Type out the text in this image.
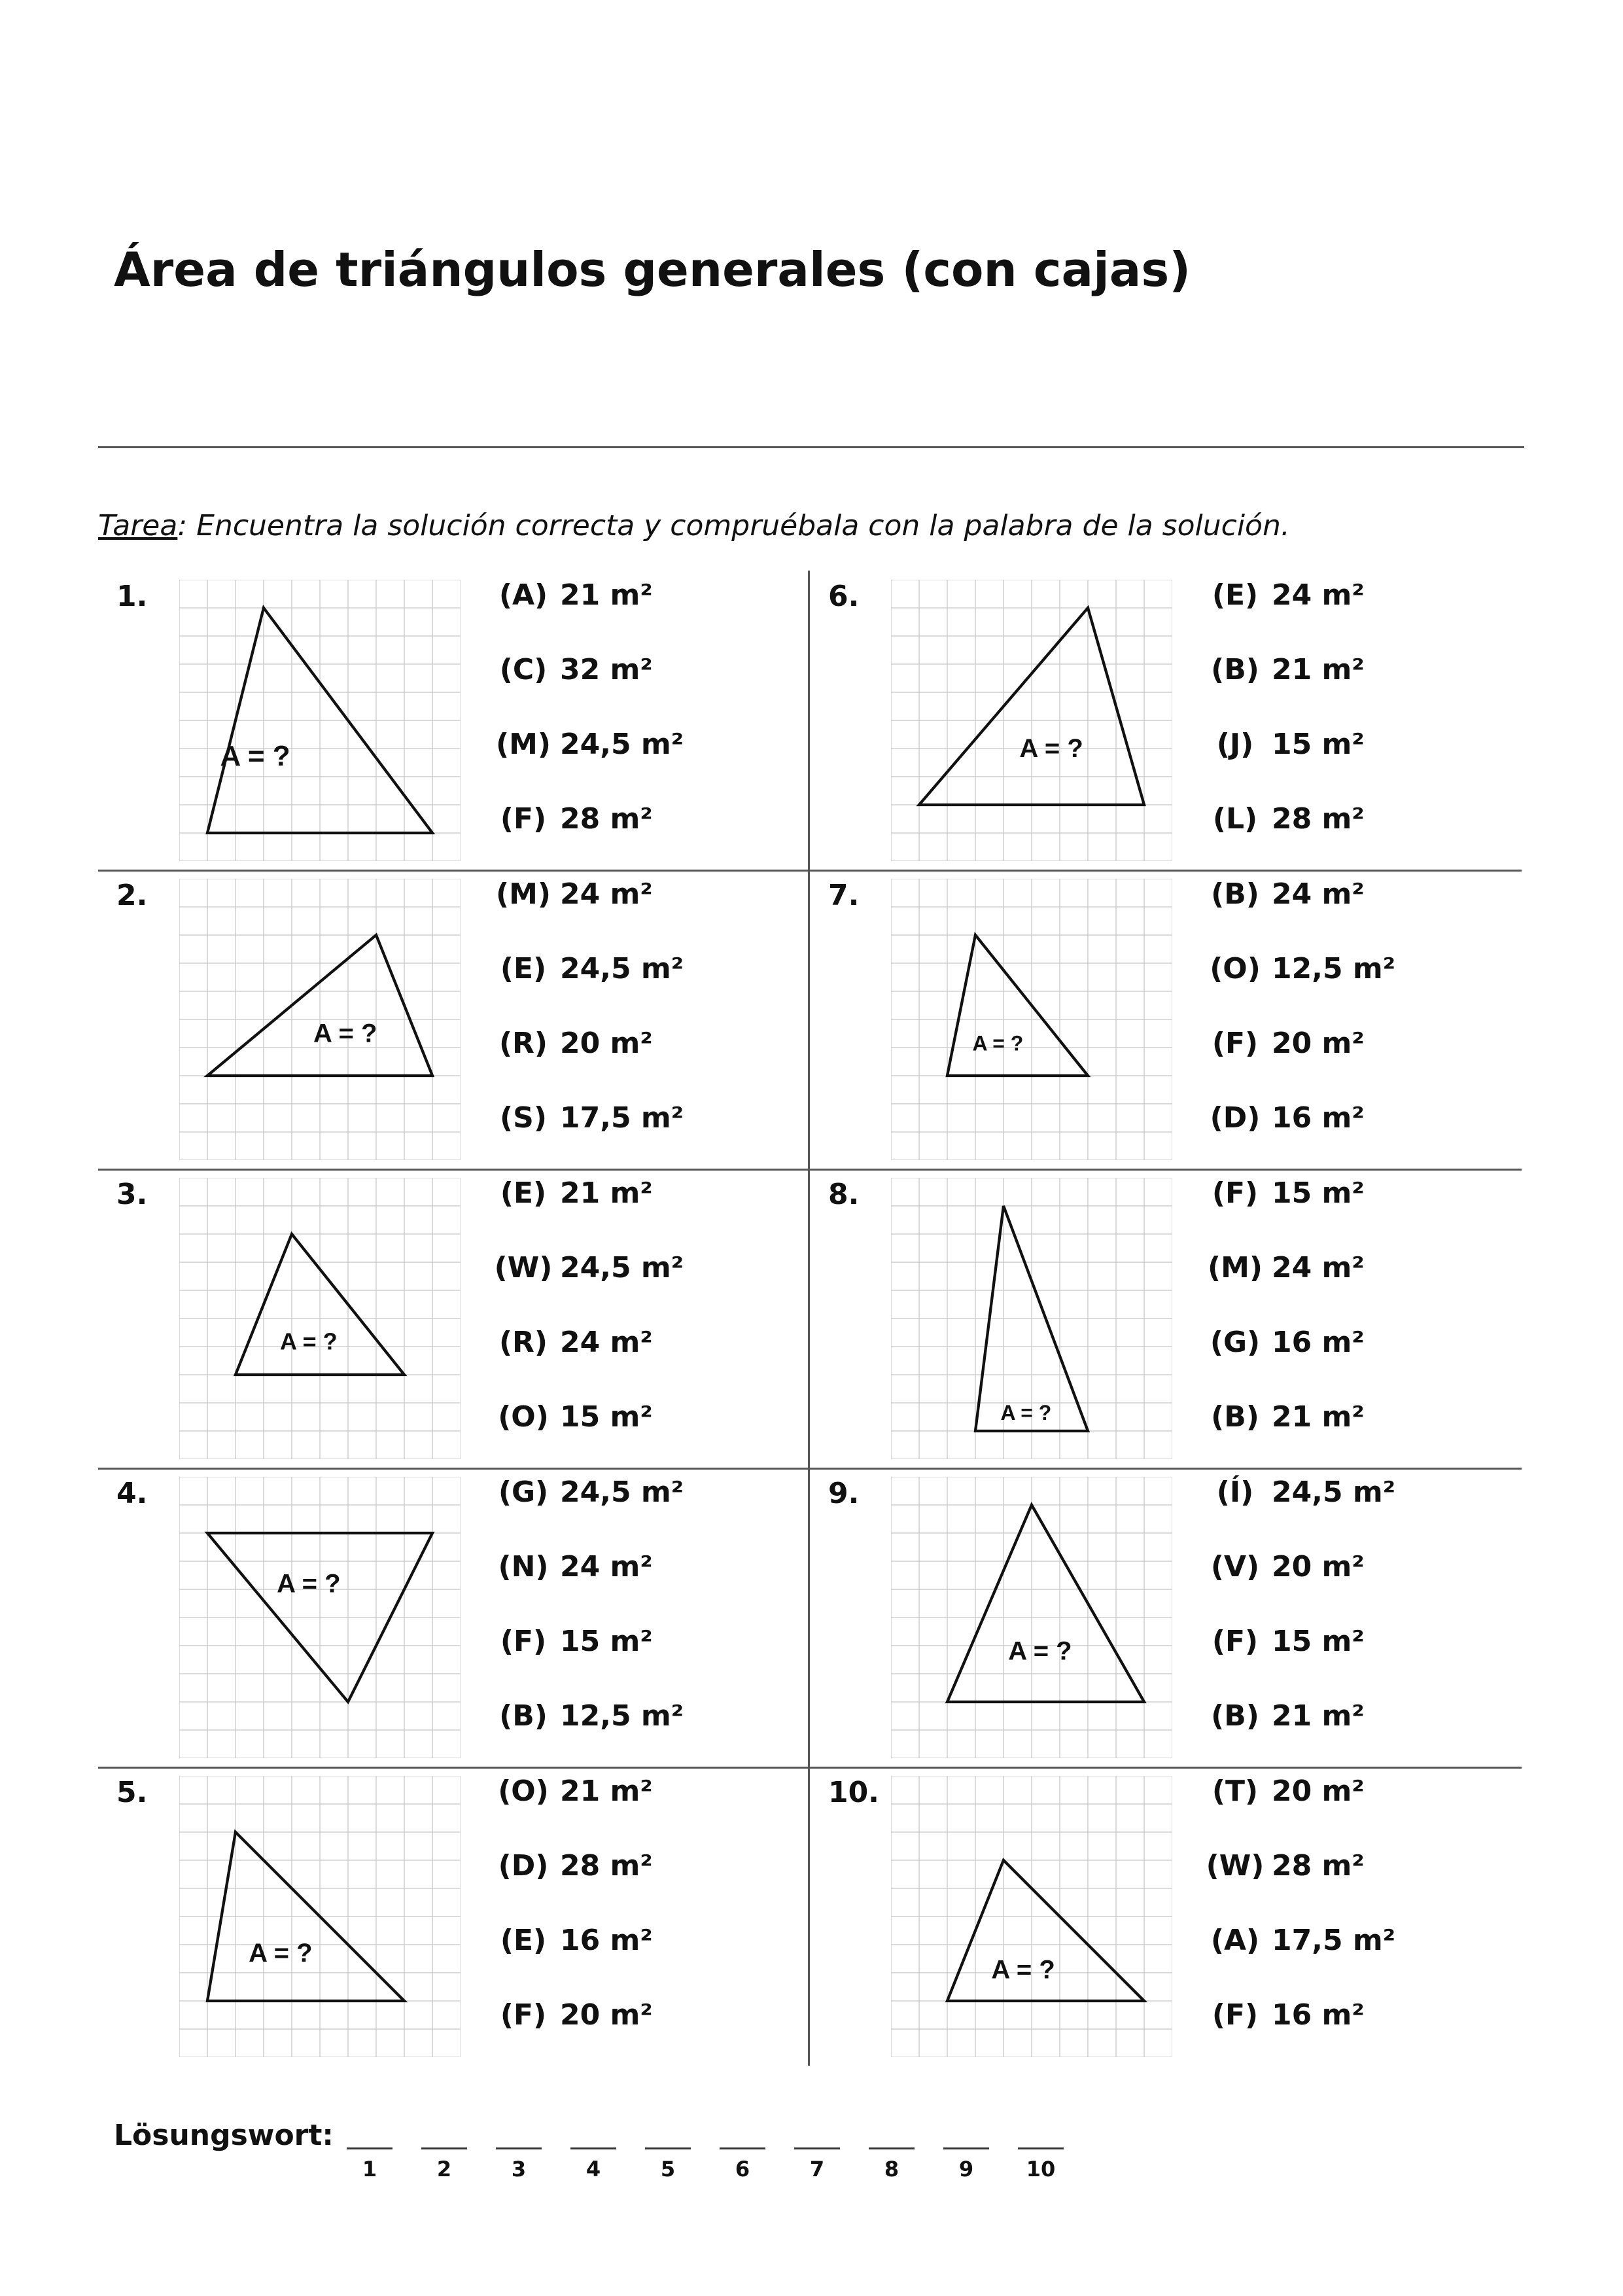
Área de triángulos generales (con cajas)
Tarea: Encuentra la solución correcta y compruébala con la palabra de la solución.
1.
A = ?
(A) 21 m²
(C) 32 m²
(M) 24,5 m²
(F) 28 m²
2.	(M) 24 m²
(E) 24,5 m²
(R) 20 m²
(S) 17,5 m²
3.	(E) 21 m²
(W) 24,5 m²
(R) 24 m²
(O) 15 m²
4.	(G) 24,5 m²
(N) 24 m²
(F) 15 m²
(B) 12,5 m²
5.	(O) 21 m²
(D) 28 m²
(E) 16 m²
(F) 20 m²
6.	(E) 24 m²
(B) 21 m²
(J) 15 m²
(L) 28 m²
7.	(B) 24 m²
(O) 12,5 m²
(F) 20 m²
(D) 16 m²
8.	(F) 15 m²
(M) 24 m²
(G) 16 m²
(B) 21 m²
9.	(Í) 24,5 m²
(V) 20 m²
(F) 15 m²
(B) 21 m²
10.	(T) 20 m²
(W) 28 m²
(A) 17,5 m²
(F) 16 m²
Lösungswort:
1	2	3	4	5	6	7	8	9	10
